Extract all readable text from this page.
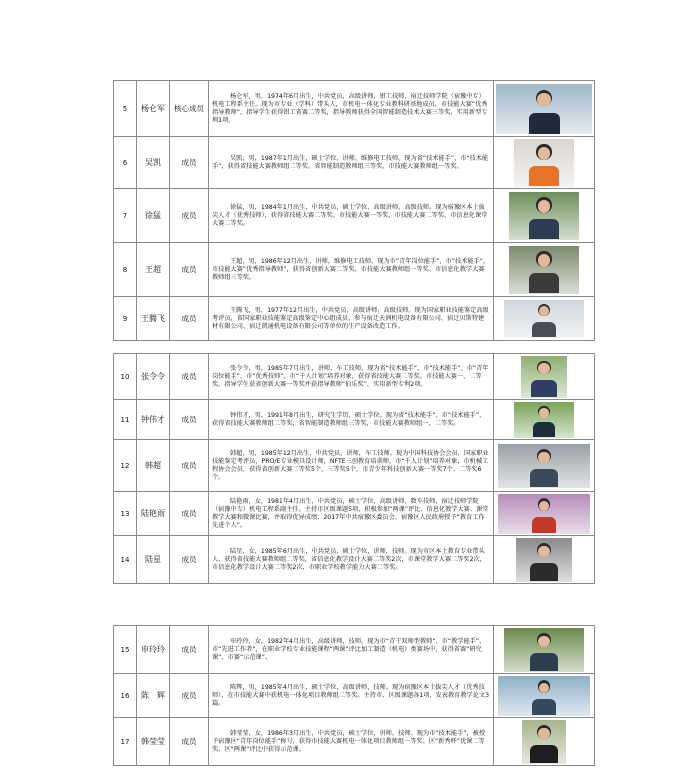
5	杨仑军	核心成员	杨仑军，男，1974年6月出生，中共党员，高级讲师，钳工技师，宿迁技师学院（宿豫中专）机电工程系主任。现为市专业（学科）带头人，市机电一体化专业教科研基地成员，市技能大赛“优秀指导教师”，指导学生获得钳工省赛二等奖，指导教师获得全国智能制造技术大赛三等奖，实用新型专利1项。	

6	吴凯	成员	吴凯，男，1987年1月出生，硕士学位，讲师，维修电工技师。现为省“技术能手”、市“技术能手”，获得省技能大赛教师组二等奖、省智能制造教师组三等奖、市技能大赛教师组一等奖。	

7	徐猛	成员	徐猛，男，1984年1月出生，中共党员，硕士学位，高级讲师，高级技师。现为宿豫区本土拔尖人才（优秀技师），获得省技能大赛二等奖、市技能大赛一等奖、市技能大赛二等奖、市信息化课堂大赛二等奖。	

8	王超	成员	王超，男，1986年12月出生，讲师，维修电工技师，现为市“青年岗位能手”，市“技术能手”，市技能大赛“优秀指导教师”，获得省创新大赛二等奖、市技能大赛教师组一等奖、市信息化教学大赛教师组三等奖。	

9	王腾飞	成员	王腾飞，男，1977年12月出生，中共党员，高级讲师，高级技师。现为国家职业技能鉴定高级考评员，省国家职业技能鉴定高级鉴定中心组成员，参与宿迁天润机电设备有限公司、宿迁贝斯特建材有限公司、宿迁凯通机电设备有限公司等单位的生产设备改造工作。	

10	张令令	成员	张令令，男，1985年7月出生，讲师，车工技师。现为省“技术能手”、市“技术能手”、市“青年岗位能手”、市“优秀技师”、市“千人计划”培养对象，获得省技能大赛二等奖、市技能大赛一、二等奖，指导学生获省创新大赛一等奖并获指导教师“伯乐奖”，实用新型专利2项。	

11	钟伟才	成员	钟伟才，男，1991年8月出生，研究生学历，硕士学位。现为省“技术能手”、市“技术能手”，获得省技能大赛教师组二等奖，省智能制造教师组三等奖，市技能大赛教师组一、二等奖。	

12	韩超	成员	韩超，男，1985年12月出生，中共党员，讲师，车工技师。现为中国科技协会会员，国家职业技能鉴定考评员，PRO/E专业模具设计师，NFTE三创教育培训师，市“千人计划”培养对象，市机械工程协会会员，获得省创新大赛二等奖5个，三等奖5个，市青少年科技创新大赛一等奖7个、二等奖6个。	

13	陆艳雨	成员	陆艳雨，女，1981年4月出生，中共党员，硕士学位，高级讲师，数车技师，宿迁技师学院（宿豫中专）机电工程系副主任。主持市区级课题5项，积极参加“两课”评比、信息化教学大赛、课堂教学大赛和微课比赛，并取得优异成绩；2017年中共宿豫区委员会、宿豫区人民政府授予“教育工作先进个人”。	

14	陆星	成员	陆星，女，1985年6月出生，中共党员，硕士学位，讲师，技师。现为市区本土教育专业带头人，获得省技能大赛教师组二等奖，省信息化教学设计大赛二等奖2次，市课堂教学大赛二等奖2次，市信息化教学设计大赛二等奖2次，市职业学校教学能力大赛二等奖。	

15	申玲玲	成员	申玲玲，女，1982年4月出生，高级讲师，技师。现为市“青干双师型教师”、市“教学能手”、市“先进工作者”，在职业学校专业技能课程“两课”评比加工制造（机电）类赛场中，获得省赛“研究课”、市赛“示范课”。	

16	陈　辉	成员	陈辉，男，1985年4月出生，硕士学位，高级讲师，技师。现为宿豫区本土拔尖人才（优秀技师），在市技能大赛中获机电一体化项目教师组二等奖。主持市、区级课题各1项，发表教育教学论文3篇。	

17	韩莹莹	成员	韩莹莹，女，1986年3月出生，中共党员，硕士学位，讲师，技师。现为市“技术能手”，被授予宿豫区“青年岗位能手”称号，获得市技能大赛机电一体化项目教师组一等奖、区“新秀杯”优课二等奖，区“两课”评比中获得示范课。	
